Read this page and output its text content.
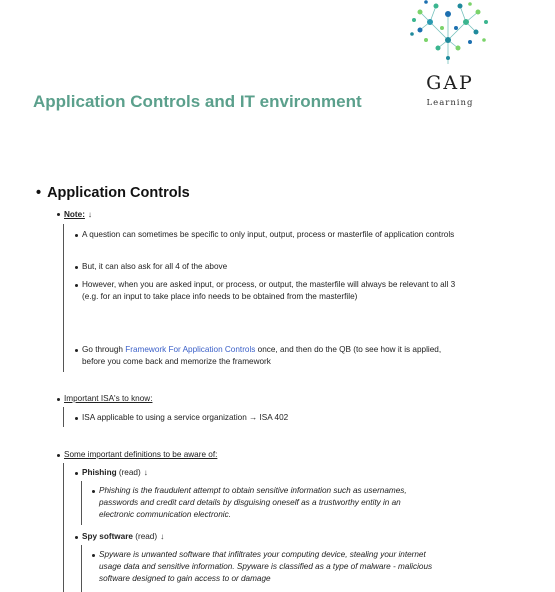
GAP
Learning
Application Controls and IT environment
• Application Controls
Note: ↓
A question can sometimes be specific to only input, output, process or masterfile of application controls
But, it can also ask for all 4 of the above
However, when you are asked input, or process, or output, the masterfile will always be relevant to all 3 (e.g. for an input to take place info needs to be obtained from the masterfile)
Go through Framework For Application Controls once, and then do the QB (to see how it is applied, before you come back and memorize the framework
Important ISA's to know:
ISA applicable to using a service organization → ISA 402
Some important definitions to be aware of:
Phishing (read) ↓
Phishing is the fraudulent attempt to obtain sensitive information such as usernames, passwords and credit card details by disguising oneself as a trustworthy entity in an electronic communication electronic.
Spy software (read) ↓
Spyware is unwanted software that infiltrates your computing device, stealing your internet usage data and sensitive information. Spyware is classified as a type of malware - malicious software designed to gain access to or damage
